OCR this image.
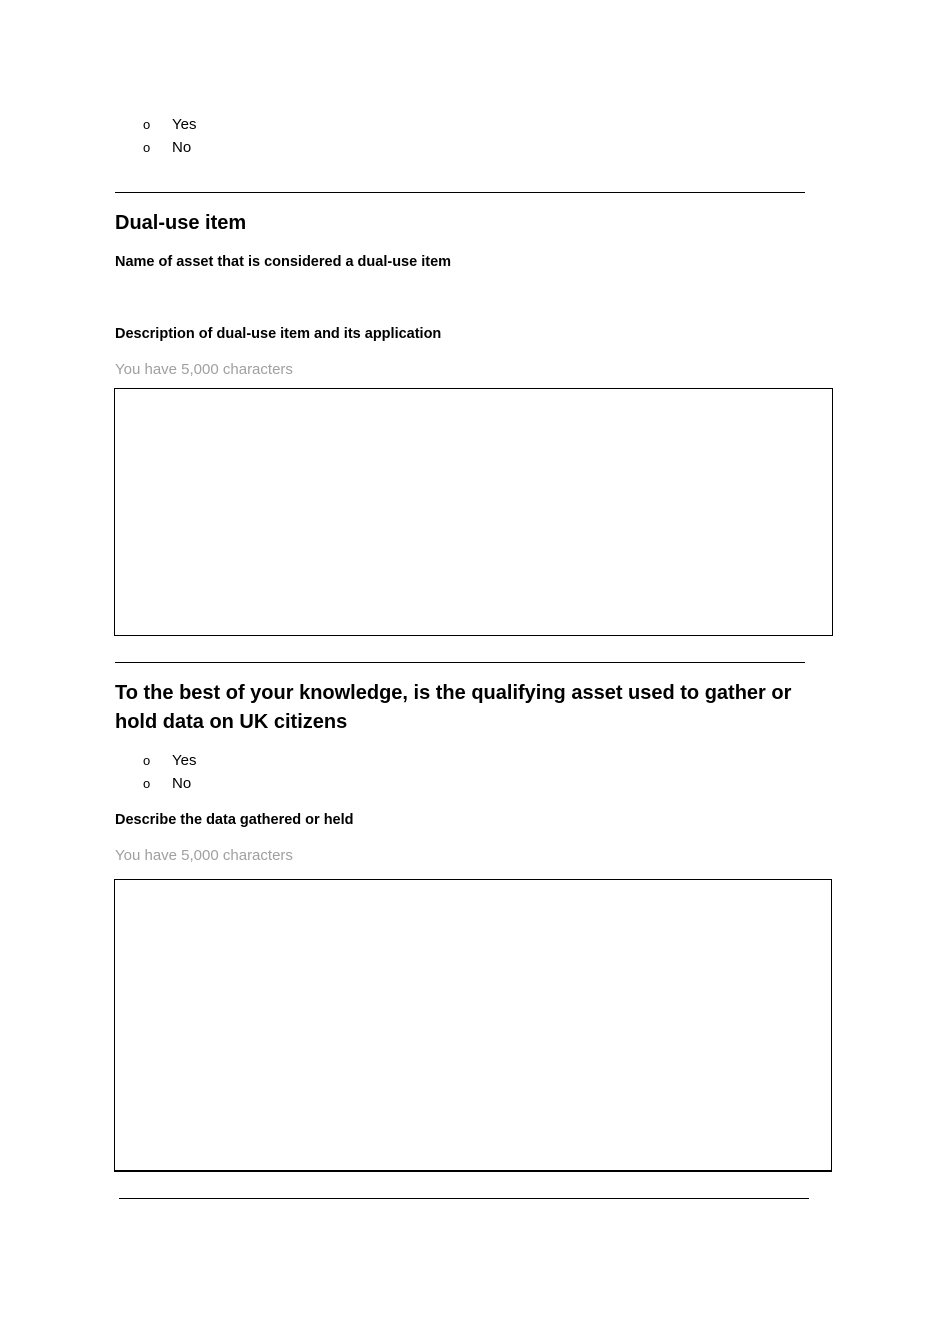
o Yes
o No
Dual-use item
Name of asset that is considered a dual-use item
Description of dual-use item and its application
You have 5,000 characters
To the best of your knowledge, is the qualifying asset used to gather or hold data on UK citizens
o Yes
o No
Describe the data gathered or held
You have 5,000 characters
